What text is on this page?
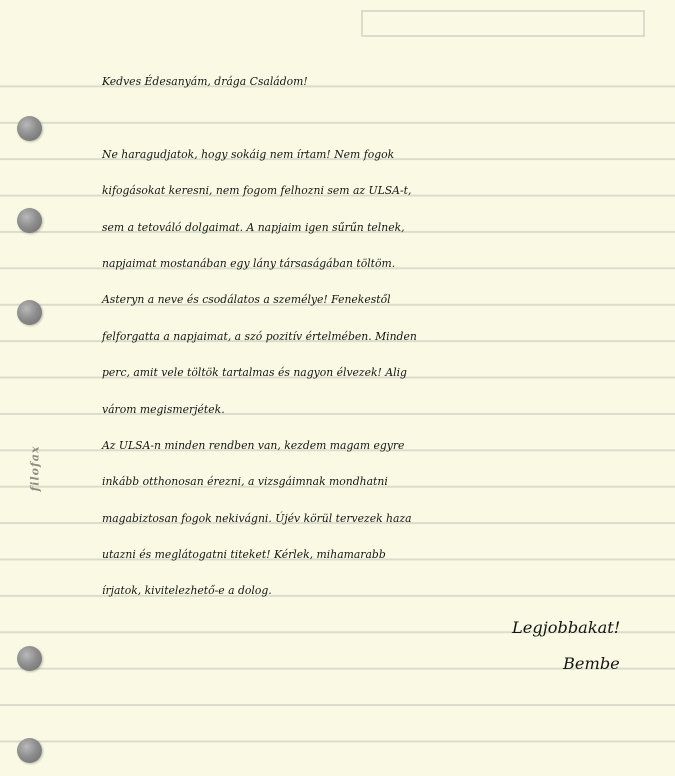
filofax
Kedves Édesanyám, drága Családom!
Ne haragudjatok, hogy sokáig nem írtam! Nem fogok
kifogásokat keresni, nem fogom felhozni sem az ULSA-t,
sem a tetováló dolgaimat. A napjaim igen sűrűn telnek,
napjaimat mostanában egy lány társaságában töltöm.
Asteryn a neve és csodálatos a személye! Fenekestől
felforgatta a napjaimat, a szó pozitív értelmében. Minden
perc, amit vele töltök tartalmas és nagyon élvezek! Alig
várom megismerjétek.
Az ULSA-n minden rendben van, kezdem magam egyre
inkább otthonosan érezni, a vizsgáimnak mondhatni
magabiztosan fogok nekivágni. Újév körül tervezek haza
utazni és meglátogatni titeket! Kérlek, mihamarabb
írjatok, kivitelezhető-e a dolog.
Legjobbakat!
Bembe
